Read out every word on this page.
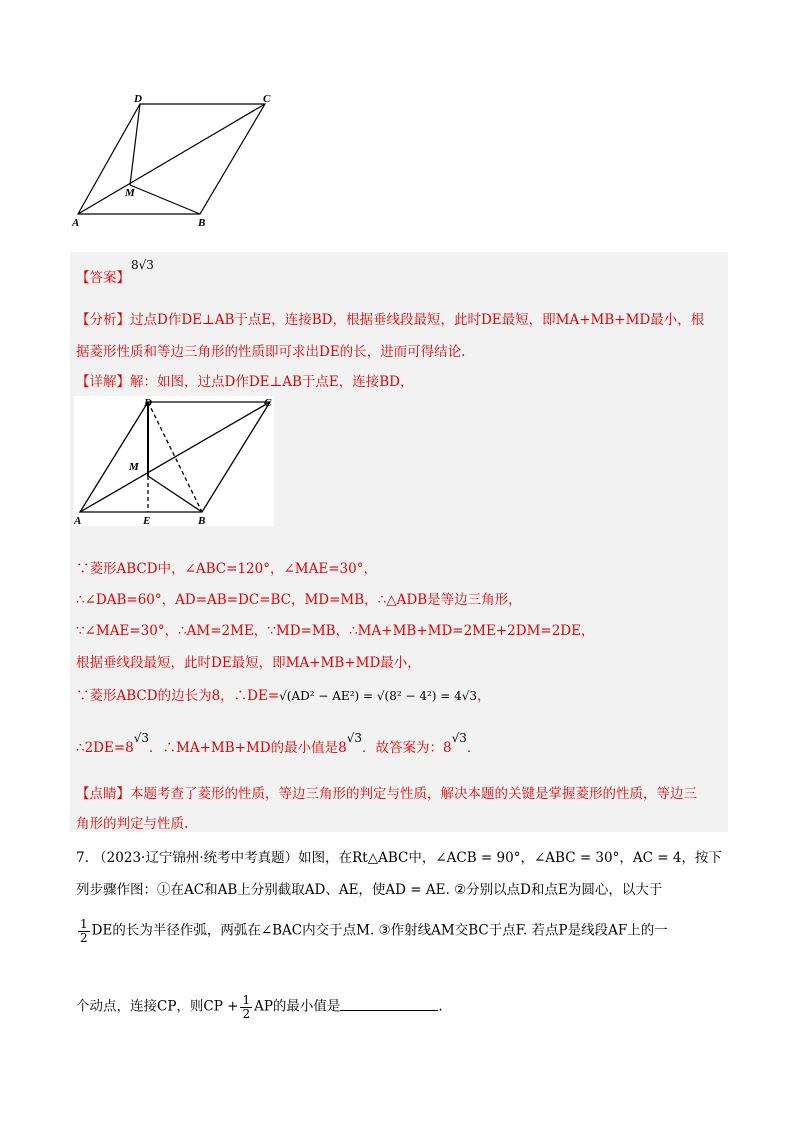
D	C
M
A	B
【答案】
8√3
【分析】过点D作DE⊥AB于点E，连接BD，根据垂线段最短，此时DE最短，即MA+MB+MD最小，根
据菱形性质和等边三角形的性质即可求出DE的长，进而可得结论.
【详解】解：如图，过点D作DE⊥AB于点E，连接BD，
D	C
M
A	E	B
∵菱形ABCD中，∠ABC=120°，∠MAE=30°，
∴∠DAB=60°，AD=AB=DC=BC，MD=MB，∴△ADB是等边三角形，
∵∠MAE=30°，∴AM=2ME，∵MD=MB，∴MA+MB+MD=2ME+2DM=2DE，
根据垂线段最短，此时DE最短，即MA+MB+MD最小，
∵菱形ABCD的边长为8，∴DE=√(AD² − AE²) = √(8² − 4²) = 4√3，
∴2DE=8√3．∴MA+MB+MD的最小值是8√3．故答案为：8√3．
【点睛】本题考查了菱形的性质，等边三角形的判定与性质，解决本题的关键是掌握菱形的性质，等边三
角形的判定与性质.
7. （2023·辽宁锦州·统考中考真题）如图，在Rt△ABC中，∠ACB = 90°，∠ABC = 30°，AC = 4，按下
列步骤作图：①在AC和AB上分别截取AD、AE，使AD = AE. ②分别以点D和点E为圆心，以大于
$\frac{1}{2}$ DE的长为半径作弧，两弧在∠BAC内交于点M. ③作射线AM交BC于点F. 若点P是线段AF上的一
个动点，连接CP，则CP + $\frac{1}{2}$ AP的最小值是	.
